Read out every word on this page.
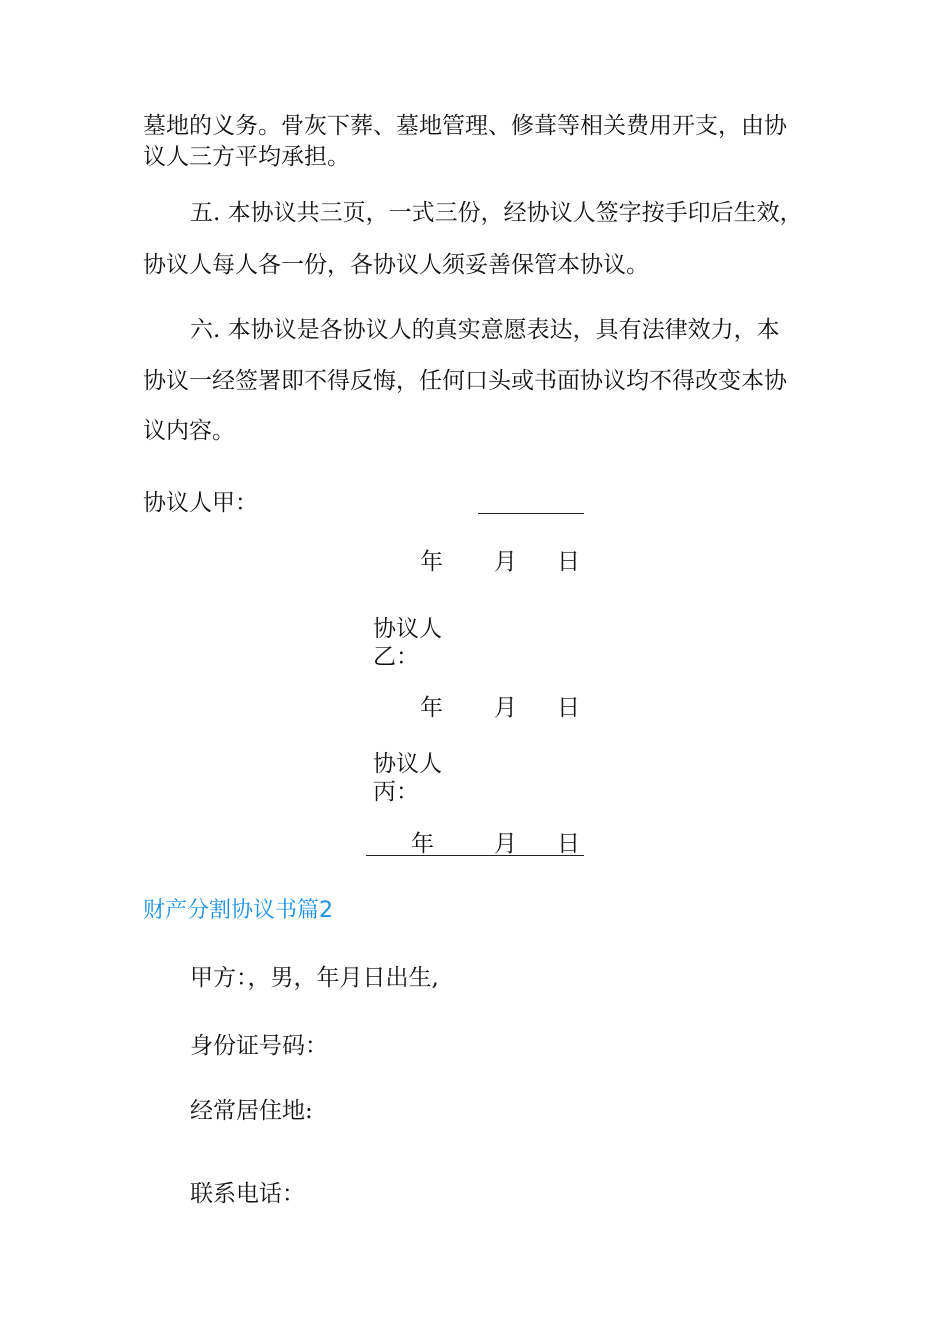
墓地的义务。骨灰下葬、墓地管理、修葺等相关费用开支，由协
议人三方平均承担。
五. 本协议共三页，一式三份，经协议人签字按手印后生效，
协议人每人各一份，各协议人须妥善保管本协议。
六. 本协议是各协议人的真实意愿表达，具有法律效力，本
协议一经签署即不得反悔，任何口头或书面协议均不得改变本协
议内容。
协议人甲：
年 月 日
协议人
乙：
年 月 日
协议人
丙：
年	月 日
财产分割协议书篇2
甲方：，男，年月日出生,
身份证号码：
经常居住地:
联系电话：
